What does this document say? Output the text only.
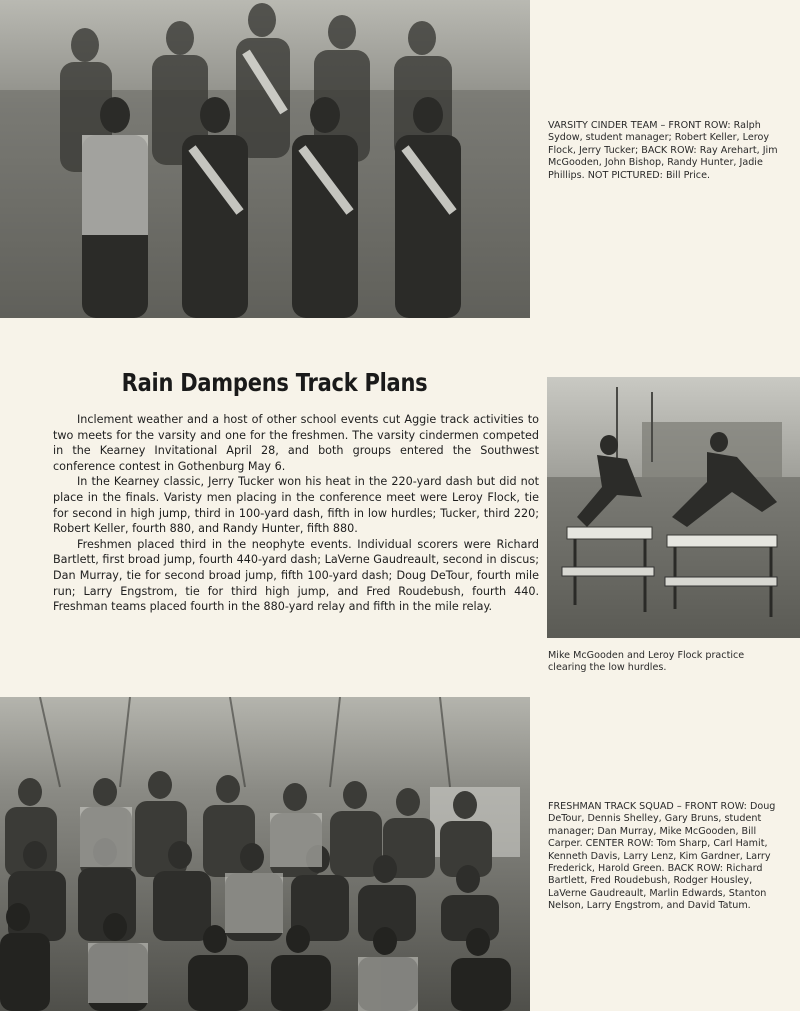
VARSITY CINDER TEAM – FRONT ROW: Ralph Sydow, student manager; Robert Keller, Leroy Flock, Jerry Tucker; BACK ROW: Ray Arehart, Jim McGooden, John Bishop, Randy Hunter, Jadie Phillips. NOT PICTURED: Bill Price.

Rain Dampens Track Plans

Inclement weather and a host of other school events cut Aggie track activities to two meets for the varsity and one for the freshmen. The varsity cindermen competed in the Kearney Invitational April 28, and both groups entered the Southwest conference contest in Gothenburg May 6.

In the Kearney classic, Jerry Tucker won his heat in the 220-yard dash but did not place in the finals. Varisty men placing in the conference meet were Leroy Flock, tie for second in high jump, third in 100-yard dash, fifth in low hurdles; Tucker, third 220; Robert Keller, fourth 880, and Randy Hunter, fifth 880.

Freshmen placed third in the neophyte events. Individual scorers were Richard Bartlett, first broad jump, fourth 440-yard dash; LaVerne Gaudreault, second in discus; Dan Murray, tie for second broad jump, fifth 100-yard dash; Doug DeTour, fourth mile run; Larry Engstrom, tie for third high jump, and Fred Roudebush, fourth 440. Freshman teams placed fourth in the 880-yard relay and fifth in the mile relay.

Mike McGooden and Leroy Flock practice clearing the low hurdles.

FRESHMAN TRACK SQUAD – FRONT ROW: Doug DeTour, Dennis Shelley, Gary Bruns, student manager; Dan Murray, Mike McGooden, Bill Carper. CENTER ROW: Tom Sharp, Carl Hamit, Kenneth Davis, Larry Lenz, Kim Gardner, Larry Frederick, Harold Green. BACK ROW: Richard Bartlett, Fred Roudebush, Rodger Housley, LaVerne Gaudreault, Marlin Edwards, Stanton Nelson, Larry Engstrom, and David Tatum.
